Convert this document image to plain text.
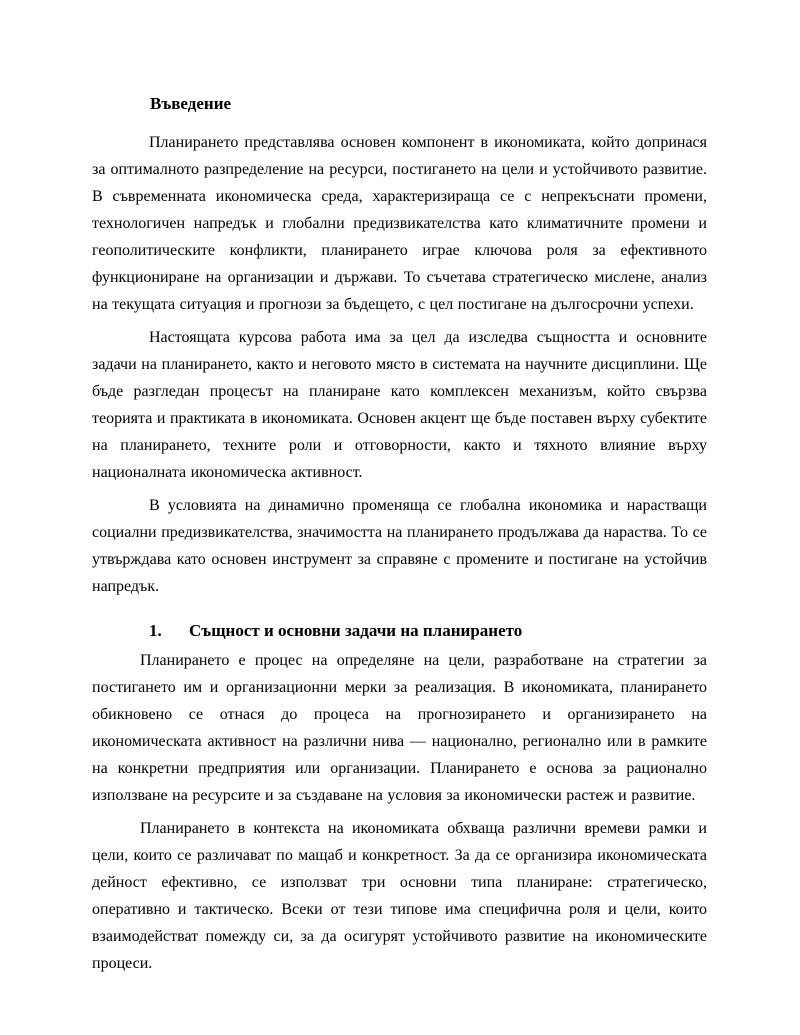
Въведение

Планирането представлява основен компонент в икономиката, който допринася за оптималното разпределение на ресурси, постигането на цели и устойчивото развитие. В съвременната икономическа среда, характеризираща се с непрекъснати промени, технологичен напредък и глобални предизвикателства като климатичните промени и геополитическите конфликти, планирането играе ключова роля за ефективното функциониране на организации и държави. То съчетава стратегическо мислене, анализ на текущата ситуация и прогнози за бъдещето, с цел постигане на дългосрочни успехи.

Настоящата курсова работа има за цел да изследва същността и основните задачи на планирането, както и неговото място в системата на научните дисциплини. Ще бъде разгледан процесът на планиране като комплексен механизъм, който свързва теорията и практиката в икономиката. Основен акцент ще бъде поставен върху субектите на планирането, техните роли и отговорности, както и тяхното влияние върху националната икономическа активност.

В условията на динамично променяща се глобална икономика и нарастващи социални предизвикателства, значимостта на планирането продължава да нараства. То се утвърждава като основен инструмент за справяне с промените и постигане на устойчив напредък.

1.	Същност и основни задачи на планирането

Планирането е процес на определяне на цели, разработване на стратегии за постигането им и организационни мерки за реализация. В икономиката, планирането обикновено се отнася до процеса на прогнозирането и организирането на икономическата активност на различни нива — национално, регионално или в рамките на конкретни предприятия или организации. Планирането е основа за рационално използване на ресурсите и за създаване на условия за икономически растеж и развитие.

Планирането в контекста на икономиката обхваща различни времеви рамки и цели, които се различават по мащаб и конкретност. За да се организира икономическата дейност ефективно, се използват три основни типа планиране: стратегическо, оперативно и тактическо. Всеки от тези типове има специфична роля и цели, които взаимодействат помежду си, за да осигурят устойчивото развитие на икономическите процеси.
